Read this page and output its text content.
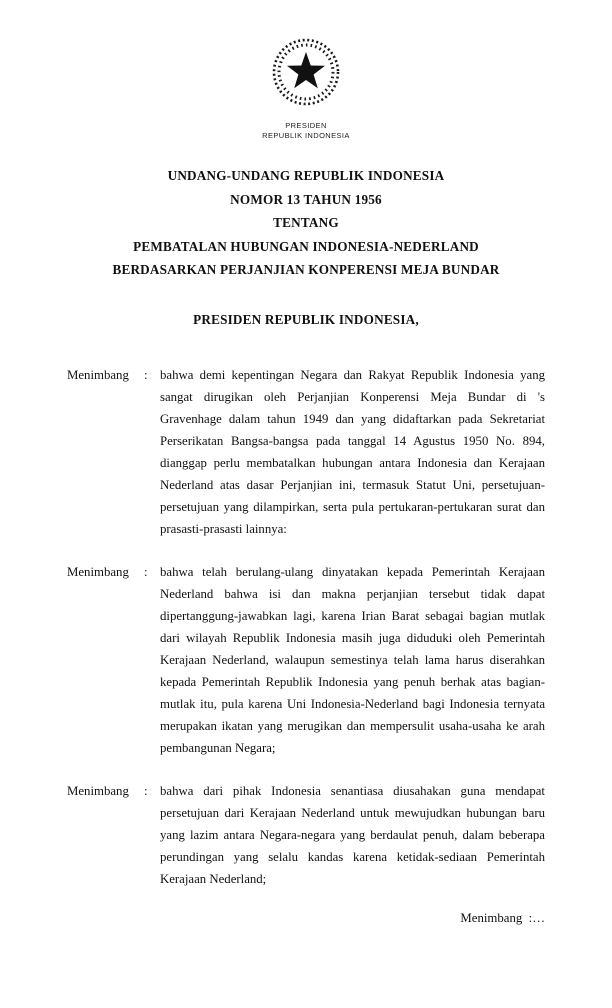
PRESIDEN
REPUBLIK INDONESIA
UNDANG-UNDANG REPUBLIK INDONESIA
NOMOR 13 TAHUN 1956
TENTANG
PEMBATALAN HUBUNGAN INDONESIA-NEDERLAND
BERDASARKAN PERJANJIAN KONPERENSI MEJA BUNDAR
PRESIDEN REPUBLIK INDONESIA,
Menimbang	: bahwa demi kepentingan Negara dan Rakyat Republik Indonesia yang sangat dirugikan oleh Perjanjian Konperensi Meja Bundar di 's Gravenhage dalam tahun 1949 dan yang didaftarkan pada Sekretariat Perserikatan Bangsa-bangsa pada tanggal 14 Agustus 1950 No. 894, dianggap perlu membatalkan hubungan antara Indonesia dan Kerajaan Nederland atas dasar Perjanjian ini, termasuk Statut Uni, persetujuan-persetujuan yang dilampirkan, serta pula pertukaran-pertukaran surat dan prasasti-prasasti lainnya:
Menimbang	: bahwa telah berulang-ulang dinyatakan kepada Pemerintah Kerajaan Nederland bahwa isi dan makna perjanjian tersebut tidak dapat dipertanggung-jawabkan lagi, karena Irian Barat sebagai bagian mutlak dari wilayah Republik Indonesia masih juga diduduki oleh Pemerintah Kerajaan Nederland, walaupun semestinya telah lama harus diserahkan kepada Pemerintah Republik Indonesia yang penuh berhak atas bagian-mutlak itu, pula karena Uni Indonesia-Nederland bagi Indonesia ternyata merupakan ikatan yang merugikan dan mempersulit usaha-usaha ke arah pembangunan Negara;
Menimbang	: bahwa dari pihak Indonesia senantiasa diusahakan guna mendapat persetujuan dari Kerajaan Nederland untuk mewujudkan hubungan baru yang lazim antara Negara-negara yang berdaulat penuh, dalam beberapa perundingan yang selalu kandas karena ketidak-sediaan Pemerintah Kerajaan Nederland;
Menimbang  :…
